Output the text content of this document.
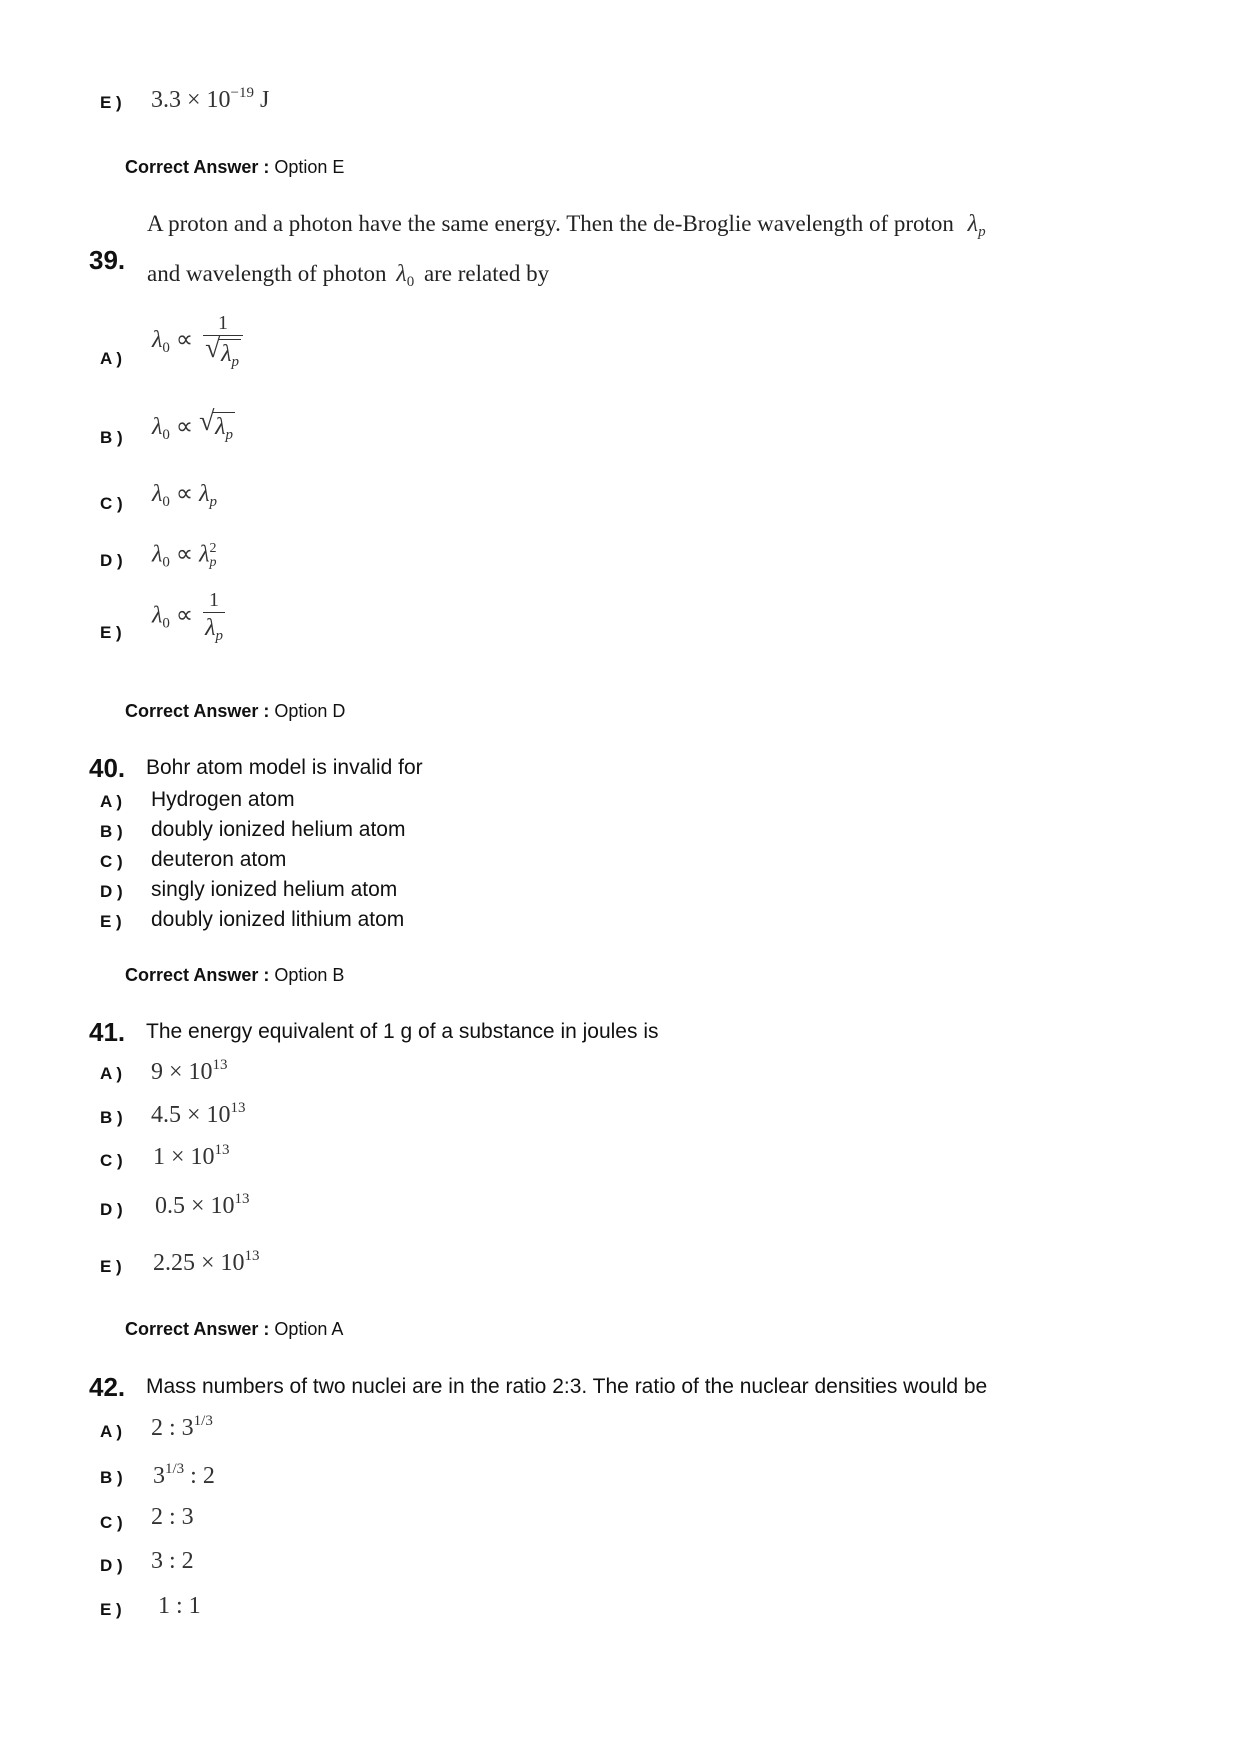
E ) $3.3 \times 10^{-19}$ J
Correct Answer : Option E
39.
A proton and a photon have the same energy. Then the de-Broglie wavelength of proton $\lambda_p$
and wavelength of photon $\lambda_0$ are related by
A )
$\lambda_0 \propto \frac{1}{√ \lambda_p}$
B ) $\lambda_0$ ∝ √ $\lambda_p$
C ) $\lambda_0 \propto \lambda_p$
D ) $\lambda_0 \propto \lambda$ 2
p
E )
$\lambda_0 \propto \frac{1}{\lambda_p}$
Correct Answer : Option D
40. Bohr atom model is invalid for
A ) Hydrogen atom
B ) doubly ionized helium atom
C ) deuteron atom
D ) singly ionized helium atom
E ) doubly ionized lithium atom
Correct Answer : Option B
41. The energy equivalent of 1 g of a substance in joules is
A ) $9 \times 10^{13}$
B ) $4.5 \times 10^{13}$
C ) $1 \times 10^{13}$
D ) $0.5 \times 10^{13}$
E ) $2.25 \times 10^{13}$
Correct Answer : Option A
42. Mass numbers of two nuclei are in the ratio 2:3. The ratio of the nuclear densities would be
A ) 2 : $3^{1/3}$
B ) $3^{1/3}$ : 2
C ) 2 : 3
D ) 3 : 2
E ) 1 : 1
